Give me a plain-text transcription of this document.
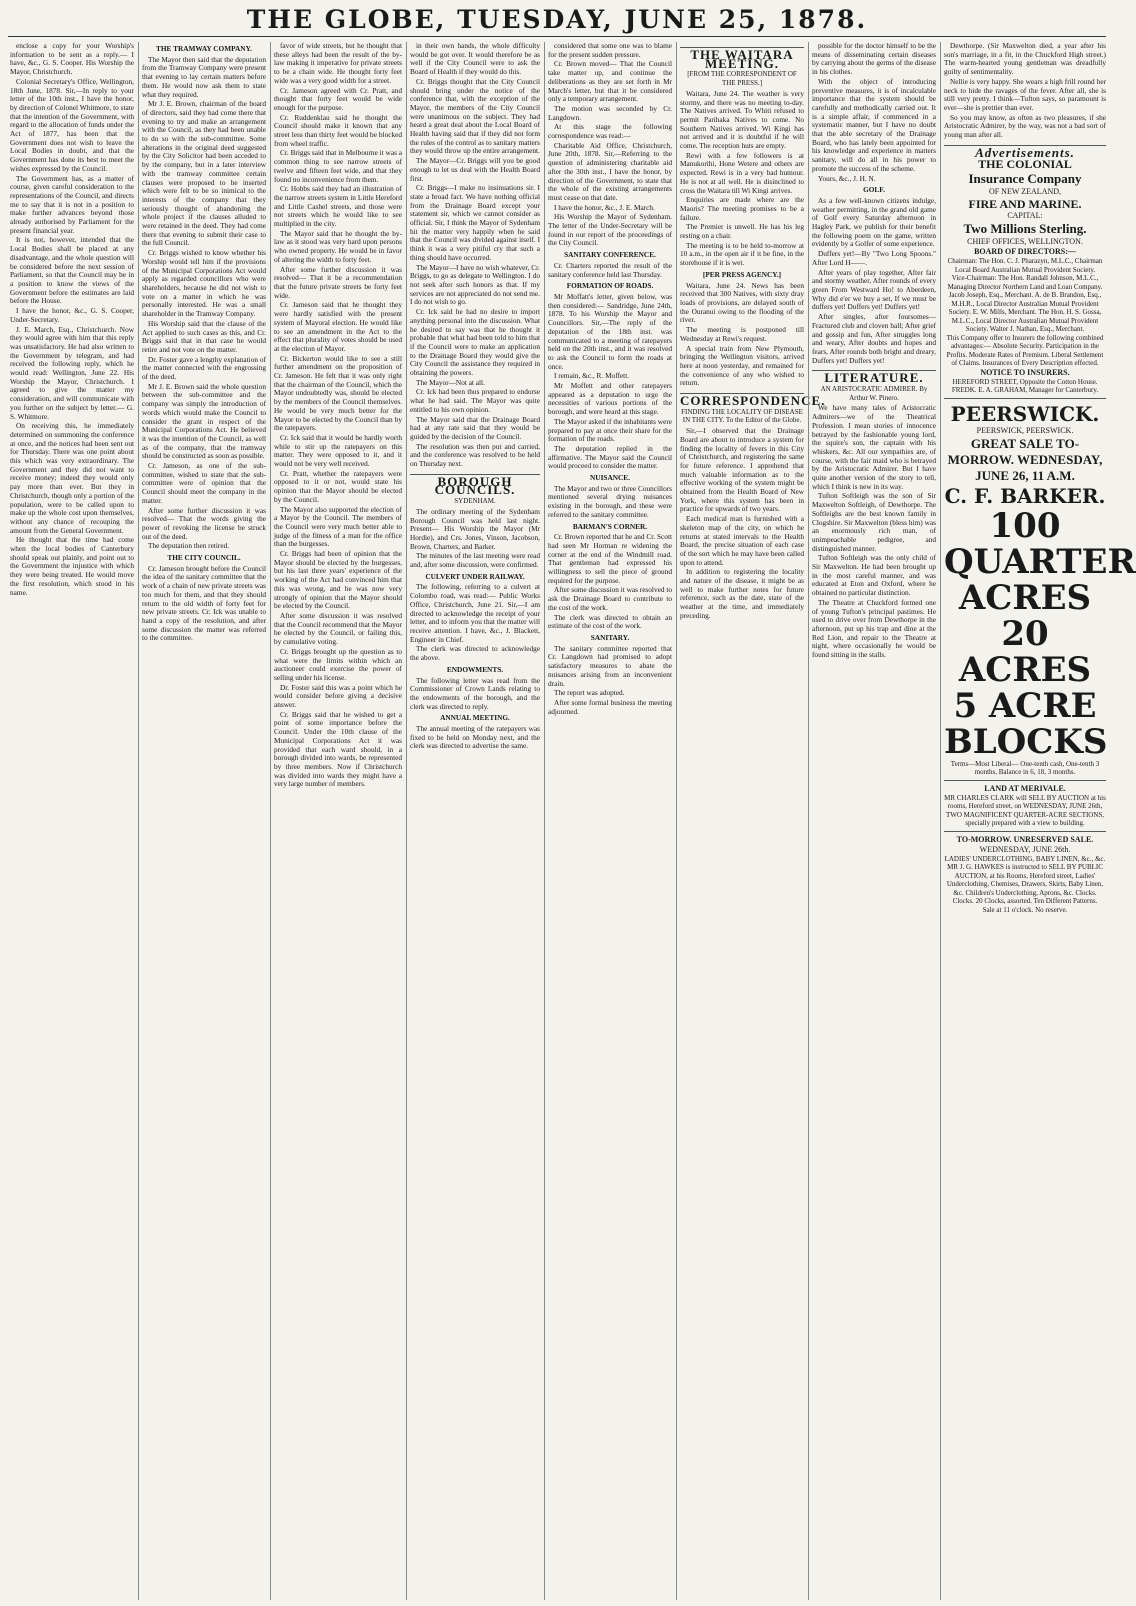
THE GLOBE, TUESDAY, JUNE 25, 1878.

enclose a copy for your Worship's information to be sent as a reply.— I have, &c., G. S. Cooper. His Worship the Mayor, Christchurch.

Colonial Secretary's Office, Wellington, 18th June, 1878. Sir,—In reply to your letter of the 10th inst., I have the honor, by direction of Colonel Whitmore, to state that the intention of the Government, with regard to the allocation of funds under the Act of 1877, has been that the Government does not wish to leave the Local Bodies in doubt, and that the Government has done its best to meet the wishes expressed by the Council.

The Government has, as a matter of course, given careful consideration to the representations of the Council, and directs me to say that it is not in a position to make further advances beyond those already authorised by Parliament for the present financial year.

It is not, however, intended that the Local Bodies shall be placed at any disadvantage, and the whole question will be considered before the next session of Parliament, so that the Council may be in a position to know the views of the Government before the estimates are laid before the House.

I have the honor, &c., G. S. Cooper, Under-Secretary.

J. E. March, Esq., Christchurch. Now they would agree with him that this reply was unsatisfactory. He had also written to the Government by telegram, and had received the following reply, which he would read: Wellington, June 22. His Worship the Mayor, Christchurch. I agreed to give the matter my consideration, and will communicate with you further on the subject by letter.— G. S. Whitmore.

On receiving this, he immediately determined on summoning the conference at once, and the notices had been sent out for Thursday. There was one point about this which was very extraordinary. The Government and they did not want to receive money; indeed they would only pay more than ever. But they in Christchurch, though only a portion of the population, were to be called upon to make up the whole cost upon themselves, without any chance of recouping the amount from the General Government.

He thought that the time had come when the local bodies of Canterbury should speak out plainly, and point out to the Government the injustice with which they were being treated. He would move the first resolution, which stood in his name.

THE TRAMWAY COMPANY.

The Mayor then said that the deputation from the Tramway Company were present that evening to lay certain matters before them. He would now ask them to state what they required.

Mr J. E. Brown, chairman of the board of directors, said they had come there that evening to try and make an arrangement with the Council, as they had been unable to do so with the sub-committee. Some alterations in the original deed suggested by the City Solicitor had been acceded to by the company, but in a later interview with the tramway committee certain clauses were proposed to be inserted which were felt to be so inimical to the interests of the company that they seriously thought of abandoning the whole project if the clauses alluded to were retained in the deed. They had come there that evening to submit their case to the full Council.

Cr. Briggs wished to know whether his Worship would tell him if the provisions of the Municipal Corporations Act would apply as regarded councillors who were shareholders, because he did not wish to vote on a matter in which he was personally interested. He was a small shareholder in the Tramway Company.

His Worship said that the clause of the Act applied to such cases as this, and Cr. Briggs said that in that case he would retire and not vote on the matter.

Dr. Foster gave a lengthy explanation of the matter connected with the engrossing of the deed.

Mr J. E. Brown said the whole question between the sub-committee and the company was simply the introduction of words which would make the Council to consider the grant in respect of the Municipal Corporations Act. He believed it was the intention of the Council, as well as of the company, that the tramway should be constructed as soon as possible.

Cr. Jameson, as one of the sub-committee, wished to state that the sub-committee were of opinion that the Council should meet the company in the matter.

After some further discussion it was resolved— That the words giving the power of revoking the license be struck out of the deed.

The deputation then retired.

THE CITY COUNCIL.

Cr. Jameson brought before the Council the idea of the sanitary committee that the work of a chain of new private streets was too much for them, and that they should return to the old width of forty feet for new private streets. Cr. Ick was unable to hand a copy of the resolution, and after some discussion the matter was referred to the committee.

favor of wide streets, but he thought that these alleys had been the result of the by-law making it imperative for private streets to be a chain wide. He thought forty feet wide was a very good width for a street.

Cr. Jameson agreed with Cr. Pratt, and thought that forty feet would be wide enough for the purpose.

Cr. Ruddenklau said he thought the Council should make it known that any street less than thirty feet would be blocked from wheel traffic.

Cr. Briggs said that in Melbourne it was a common thing to see narrow streets of twelve and fifteen feet wide, and that they found no inconvenience from them.

Cr. Hobbs said they had an illustration of the narrow streets system in Little Hereford and Little Cashel streets, and those were not streets which he would like to see multiplied in the city.

The Mayor said that he thought the by-law as it stood was very hard upon persons who owned property. He would be in favor of altering the width to forty feet.

After some further discussion it was resolved— That it be a recommendation that the future private streets be forty feet wide.

Cr. Jameson said that he thought they were hardly satisfied with the present system of Mayoral election. He would like to see an amendment in the Act to the effect that plurality of votes should be used at the election of Mayor.

Cr. Bickerton would like to see a still further amendment on the proposition of Cr. Jameson. He felt that it was only right that the chairman of the Council, which the Mayor undoubtedly was, should be elected by the members of the Council themselves. He would be very much better for the Mayor to be elected by the Council than by the ratepayers.

Cr. Ick said that it would be hardly worth while to stir up the ratepayers on this matter. They were opposed to it, and it would not be very well received.

Cr. Pratt, whether the ratepayers were opposed to it or not, would state his opinion that the Mayor should be elected by the Council.

The Mayor also supported the election of a Mayor by the Council. The members of the Council were very much better able to judge of the fitness of a man for the office than the burgesses.

Cr. Briggs had been of opinion that the Mayor should be elected by the burgesses, but his last three years' experience of the working of the Act had convinced him that this was wrong, and he was now very strongly of opinion that the Mayor should be elected by the Council.

After some discussion it was resolved that the Council recommend that the Mayor be elected by the Council, or failing this, by cumulative voting.

Cr. Briggs brought up the question as to what were the limits within which an auctioneer could exercise the power of selling under his license.

Dr. Foster said this was a point which he would consider before giving a decisive answer.

Cr. Briggs said that he wished to get a point of some importance before the Council. Under the 10th clause of the Municipal Corporations Act it was provided that each ward should, in a borough divided into wards, be represented by three members. Now if Christchurch was divided into wards they might have a very large number of members.

in their own hands, the whole difficulty would be got over. It would therefore be as well if the City Council were to ask the Board of Health if they would do this.

Cr. Briggs thought that the City Council should bring under the notice of the conference that, with the exception of the Mayor, the members of the City Council were unanimous on the subject. They had heard a great deal about the Local Board of Health having said that if they did not form the rules of the control as to sanitary matters they would throw up the entire arrangement.

The Mayor—Cr. Briggs will you be good enough to let us deal with the Health Board first.

Cr. Briggs—I make no insinuations sir. I state a broad fact. We have nothing official from the Drainage Board except your statement sir, which we cannot consider as official. Sir, I think the Mayor of Sydenham hit the matter very happily when he said that the Council was divided against itself. I think it was a very pitiful cry that such a thing should have occurred.

The Mayor—I have no wish whatever, Cr. Briggs, to go as delegate to Wellington. I do not seek after such honors as that. If my services are not appreciated do not send me. I do not wish to go.

Cr. Ick said he had no desire to import anything personal into the discussion. What he desired to say was that he thought it probable that what had been told to him that if the Council were to make an application to the Drainage Board they would give the City Council the assistance they required in obtaining the powers.

The Mayor—Not at all.

Cr. Ick had been thus prepared to endorse what he had said. The Mayor was quite entitled to his own opinion.

The Mayor said that the Drainage Board had at any rate said that they would be guided by the decision of the Council.

The resolution was then put and carried, and the conference was resolved to be held on Thursday next.

BOROUGH COUNCILS.
SYDENHAM.

The ordinary meeting of the Sydenham Borough Council was held last night. Present— His Worship the Mayor (Mr Hordie), and Crs. Jones, Vinson, Jacobson, Brown, Charters, and Barker.

The minutes of the last meeting were read and, after some discussion, were confirmed.

CULVERT UNDER RAILWAY.

The following, referring to a culvert at Colombo road, was read:— Public Works Office, Christchurch, June 21. Sir,—I am directed to acknowledge the receipt of your letter, and to inform you that the matter will receive attention. I have, &c., J. Blackett, Engineer in Chief.

The clerk was directed to acknowledge the above.

ENDOWMENTS.

The following letter was read from the Commissioner of Crown Lands relating to the endowments of the borough, and the clerk was directed to reply.

ANNUAL MEETING.

The annual meeting of the ratepayers was fixed to be held on Monday next, and the clerk was directed to advertise the same.

considered that some one was to blame for the present sudden pressure.

Cr. Brown moved— That the Council take matter up, and continue the deliberations as they are set forth in Mr March's letter, but that it be considered only a temporary arrangement.

The motion was seconded by Cr. Langdown.

At this stage the following correspondence was read:—

Charitable Aid Office, Christchurch, June 20th, 1878. Sir,—Referring to the question of administering charitable aid after the 30th inst., I have the honor, by direction of the Government, to state that the whole of the existing arrangements must cease on that date.

I have the honor, &c., J. E. March.

His Worship the Mayor of Sydenham. The letter of the Under-Secretary will be found in our report of the proceedings of the City Council.

SANITARY CONFERENCE.

Cr. Charters reported the result of the sanitary conference held last Thursday.

FORMATION OF ROADS.

Mr Moffatt's letter, given below, was then considered:— Sandridge, June 24th, 1878. To his Worship the Mayor and Councillors. Sir,—The reply of the deputation of the 18th inst. was communicated to a meeting of ratepayers held on the 20th inst., and it was resolved to ask the Council to form the roads at once.

I remain, &c., R. Moffett.

Mr Moffett and other ratepayers appeared as a deputation to urge the necessities of various portions of the borough, and were heard at this stage.

The Mayor asked if the inhabitants were prepared to pay at once their share for the formation of the roads.

The deputation replied in the affirmative. The Mayor said the Council would proceed to consider the matter.

NUISANCE.

The Mayor and two or three Councillors mentioned several drying nuisances existing in the borough, and these were referred to the sanitary committee.

BARMAN'S CORNER.

Cr. Brown reported that he and Cr. Scott had seen Mr Horman re widening the corner at the end of the Windmill road. That gentleman had expressed his willingness to sell the piece of ground required for the purpose.

After some discussion it was resolved to ask the Drainage Board to contribute to the cost of the work.

The clerk was directed to obtain an estimate of the cost of the work.

SANITARY.

The sanitary committee reported that Cr. Langdown had promised to adopt satisfactory measures to abate the nuisances arising from an inconvenient drain.

The report was adopted.

After some formal business the meeting adjourned.

THE WAITARA MEETING.
[FROM THE CORRESPONDENT OF THE PRESS.]

Waitara, June 24. The weather is very stormy, and there was no meeting to-day. The Natives arrived. To Whiti refused to permit Parihaka Natives to come. No Southern Natives arrived. Wi Kingi has not arrived and it is doubtful if he will come. The reception huts are empty.

Rewi with a few followers is at Manukorihi, Hone Wetere and others are expected. Rewi is in a very bad humour. He is not at all well. He is disinclined to cross the Waitara till Wi Kingi arrives.

Enquiries are made where are the Maoris? The meeting promises to be a failure.

The Premier is unwell. He has his leg resting on a chair.

The meeting is to be held to-morrow at 10 a.m., in the open air if it be fine, in the storehouse if it is wet.

[PER PRESS AGENCY.]

Waitara, June 24. News has been received that 300 Natives, with sixty dray loads of provisions, are delayed south of the Ouranui owing to the flooding of the river.

The meeting is postponed till Wednesday at Rewi's request.

A special train from New Plymouth, bringing the Wellington visitors, arrived here at noon yesterday, and remained for the convenience of any who wished to return.

CORRESPONDENCE.
FINDING THE LOCALITY OF DISEASE IN THE CITY. To the Editor of the Globe.

Sir,—I observed that the Drainage Board are about to introduce a system for finding the locality of fevers in this City of Christchurch, and registering the same for future reference. I apprehend that much valuable information as to the effective working of the system might be obtained from the Health Board of New York, where this system has been in practice for upwards of two years.

Each medical man is furnished with a skeleton map of the city, on which he returns at stated intervals to the Health Board, the precise situation of each case of the sort which he may have been called upon to attend.

In addition to registering the locality and nature of the disease, it might be as well to make further notes for future reference, such as the date, state of the weather at the time, and immediately preceding.

possible for the doctor himself to be the means of disseminating certain diseases by carrying about the germs of the disease in his clothes.

With the object of introducing preventive measures, it is of incalculable importance that the system should be carefully and methodically carried out. It is a simple affair, if commenced in a systematic manner, but I have no doubt that the able secretary of the Drainage Board, who has lately been appointed for his knowledge and experience in matters sanitary, will do all in his power to promote the success of the scheme.

Yours, &c., J. H. N.

GOLF.

As a few well-known citizens indulge, weather permitting, in the grand old game of Golf every Saturday afternoon in Hagley Park, we publish for their benefit the following poem on the game, written evidently by a Golfer of some experience.

Duffers yet!—By "Two Long Spoons." After Lord H——.

After years of play together, After fair and stormy weather, After rounds of every green From Westward Ho! to Aberdeen, Why did e'er we buy a set, If we must be duffers yet! Duffers yet! Duffers yet!

After singles, after foursomes— Fractured club and cloven ball; After grief and gossip and fun, After struggles long and weary, After doubts and hopes and fears, After rounds both bright and dreary, Duffers yet! Duffers yet!

LITERATURE.
AN ARISTOCRATIC ADMIRER. By Arthur W. Pinero.

We have many tales of Aristocratic Admirers—we of the Theatrical Profession. I mean stories of innocence betrayed by the fashionable young lord, the squire's son, the captain with his whiskers, &c. All our sympathies are, of course, with the fair maid who is betrayed by the Aristocratic Admirer. But I have quite another version of the story to tell, which I think is new in its way.

Tufton Softleigh was the son of Sir Maxwelton Softleigh, of Dewthorpe. The Softleighs are the best known family in Clogshire. Sir Maxwelton (bless him) was an enormously rich man, of unimpeachable pedigree, and distinguished manner.

Tufton Softleigh was the only child of Sir Maxwelton. He had been brought up in the most careful manner, and was educated at Eton and Oxford, where he obtained no particular distinction.

The Theatre at Chuckford formed one of young Tufton's principal pastimes. He used to drive over from Dewthorpe in the afternoon, put up his trap and dine at the Red Lion, and repair to the Theatre at night, where occasionally he would be found sitting in the stalls.

Dewthorpe. (Sir Maxwelton died, a year after his son's marriage, in a fit, in the Chuckford High street.) The warm-hearted young gentleman was dreadfully guilty of sentimentality.

Nellie is very happy. She wears a high frill round her neck to hide the ravages of the fever. After all, she is still very pretty. I think—Tufton says, so paramount is ever—she is prettier than ever.

So you may know, as often as two pleasures, if she Aristocratic Admirer, by the way, was not a bad sort of young man after all.

Advertisements.
THE COLONIAL
Insurance Company
OF NEW ZEALAND,
FIRE AND MARINE.
CAPITAL:
Two Millions Sterling.
CHIEF OFFICES, WELLINGTON.
BOARD OF DIRECTORS:—
Chairman: The Hon. C. J. Pharazyn, M.L.C., Chairman Local Board Australian Mutual Provident Society.
Vice-Chairman: The Hon. Randall Johnson, M.L.C., Managing Director Northern Land and Loan Company.
Jacob Joseph, Esq., Merchant. A. de B. Brandon, Esq., M.H.R., Local Director Australian Mutual Provident Society. E. W. Mills, Merchant. The Hon. H. S. Gossa, M.L.C., Local Director Australian Mutual Provident Society. Walter J. Nathan, Esq., Merchant.
This Company offer to Insurers the following combined advantages:— Absolute Security. Participation in the Profits. Moderate Rates of Premium. Liberal Settlement of Claims. Insurances of Every Description effected.
NOTICE TO INSURERS.
HEREFORD STREET, Opposite the Cotton House. FREDK. E. A. GRAHAM, Manager for Canterbury.
PEERSWICK.
PEERSWICK, PEERSWICK.
GREAT SALE TO-MORROW. WEDNESDAY, JUNE 26, 11 A.M.
C. F. BARKER.
100 QUARTER ACRES
20 ACRES
5 ACRE BLOCKS
Terms—Most Liberal— One-tenth cash, One-tenth 3 months, Balance in 6, 18, 3 months.
LAND AT MERIVALE.
MR CHARLES CLARK will SELL BY AUCTION at his rooms, Hereford street, on WEDNESDAY, JUNE 26th, TWO MAGNIFICENT QUARTER-ACRE SECTIONS, specially prepared with a view to building.
TO-MORROW. UNRESERVED SALE.
WEDNESDAY, JUNE 26th.
LADIES' UNDERCLOTHING, BABY LINEN, &c., &c. MR J. G. HAWKES is instructed to SELL BY PUBLIC AUCTION, at his Rooms, Hereford street, Ladies' Underclothing, Chemises, Drawers, Skirts, Baby Linen, &c. Children's Underclothing, Aprons, &c. Clocks. Clocks. 20 Clocks, assorted. Ten Different Patterns.
Sale at 11 o'clock. No reserve.
